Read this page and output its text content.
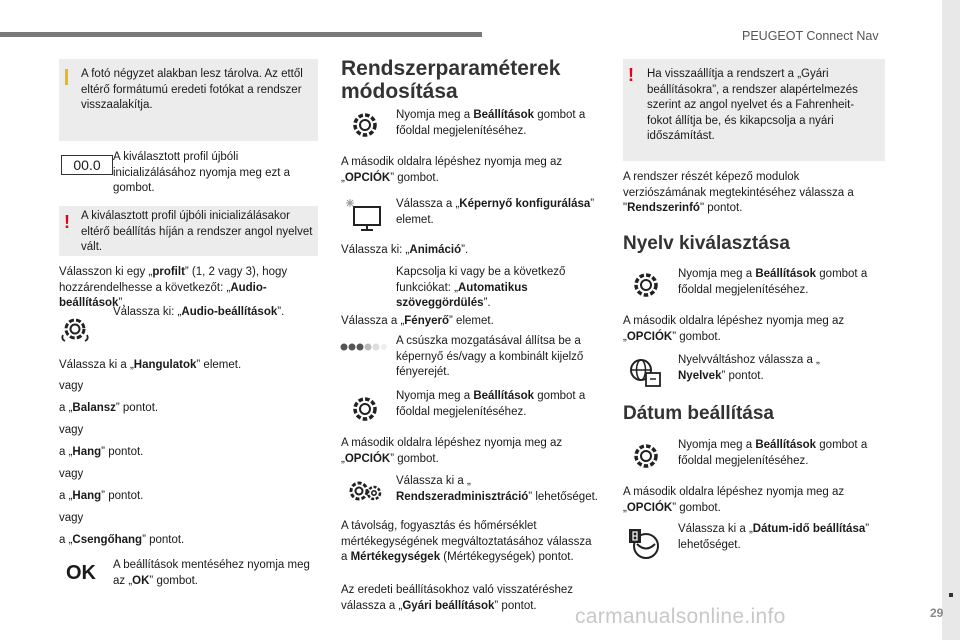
PEUGEOT Connect Nav
29
carmanualsonline.info

A fotó négyzet alakban lesz tárolva. Az ettől eltérő formátumú eredeti fotókat a rendszer visszaalakítja.

00.0	A kiválasztott profil újbóli inicializálásához nyomja meg ezt a gombot.

! A kiválasztott profil újbóli inicializálásakor eltérő beállítás híján a rendszer angol nyelvet vált.

Válasszon ki egy „profilt” (1, 2 vagy 3), hogy hozzárendelhesse a következőt: „Audio-beállítások”.

Válassza ki: „Audio-beállítások”.

Válassza ki a „Hangulatok” elemet.

vagy

a „Balansz” pontot.

vagy

a „Hang” pontot.

vagy

a „Hang” pontot.

vagy

a „Csengőhang” pontot.

OK A beállítások mentéséhez nyomja meg az „OK” gombot.

Rendszerparaméterek módosítása

Nyomja meg a Beállítások gombot a főoldal megjelenítéséhez.

A második oldalra lépéshez nyomja meg az „OPCIÓK” gombot.

Válassza a „Képernyő konfigurálása” elemet.

Válassza ki: „Animáció”.

Kapcsolja ki vagy be a következő funkciókat: „Automatikus szöveggördülés”.

Válassza a „Fényerő” elemet.

A csúszka mozgatásával állítsa be a képernyő és/vagy a kombinált kijelző fényerejét.

Nyomja meg a Beállítások gombot a főoldal megjelenítéséhez.

A második oldalra lépéshez nyomja meg az „OPCIÓK” gombot.

Válassza ki a „
Rendszeradminisztráció” lehetőséget.

A távolság, fogyasztás és hőmérséklet mértékegységének megváltoztatásához válassza a Mértékegységek (Mértékegységek) pontot.

Az eredeti beállításokhoz való visszatéréshez válassza a „Gyári beállítások” pontot.

! Ha visszaállítja a rendszert a „Gyári beállításokra”, a rendszer alapértelmezés szerint az angol nyelvet és a Fahrenheit-fokot állítja be, és kikapcsolja a nyári időszámítást.

A rendszer részét képező modulok verziószámának megtekintéséhez válassza a "Rendszerinfó" pontot.

Nyelv kiválasztása

Nyomja meg a Beállítások gombot a főoldal megjelenítéséhez.

A második oldalra lépéshez nyomja meg az „OPCIÓK” gombot.

Nyelvváltáshoz válassza a „
Nyelvek” pontot.

Dátum beállítása

Nyomja meg a Beállítások gombot a főoldal megjelenítéséhez.

A második oldalra lépéshez nyomja meg az „OPCIÓK” gombot.

Válassza ki a „Dátum-idő beállítása” lehetőséget.
